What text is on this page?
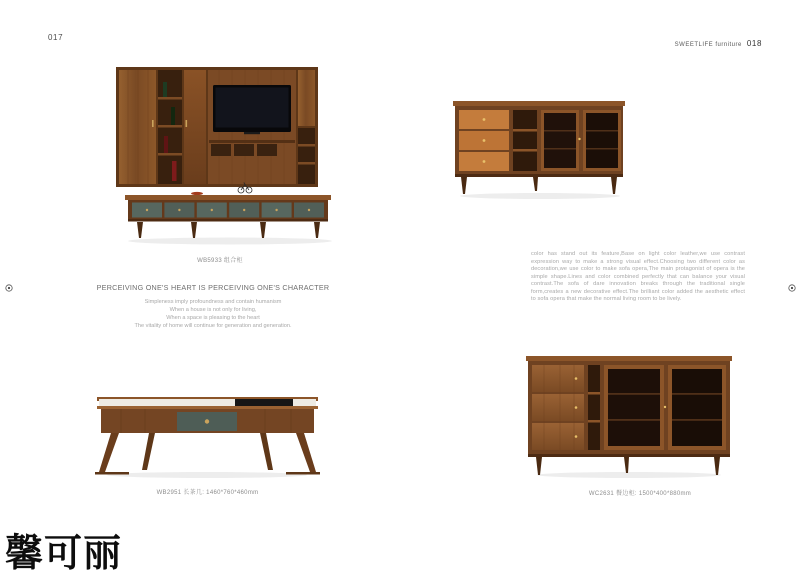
017
SWEETLIFE furniture 018
WB5933 组合柜
PERCEIVING ONE'S HEART IS PERCEIVING ONE'S CHARACTER
Simpleness imply profoundness and contain humanism
When a house is not only for living,
When a space is pleasing to the heart
The vitality of home will continue for generation and generation.
WB2951 长茶几: 1460*760*460mm
color has stand out its feature,Base on light color leather,we use contrast expression way to make a strong visual effect.Choosing two different color as decoration,we use color to make sofa opera,The main protagonist of opera is the simple shape.Lines and color combined perfectly that can balance your visual contrast.The sofa of dare innovation breaks through the traditional single form,creates a new decorative effect.The brilliant color added the aesthetic effect to sofa opera that make the normal living room to be lively.
WC2631 餐边柜: 1500*400*880mm
馨可丽
